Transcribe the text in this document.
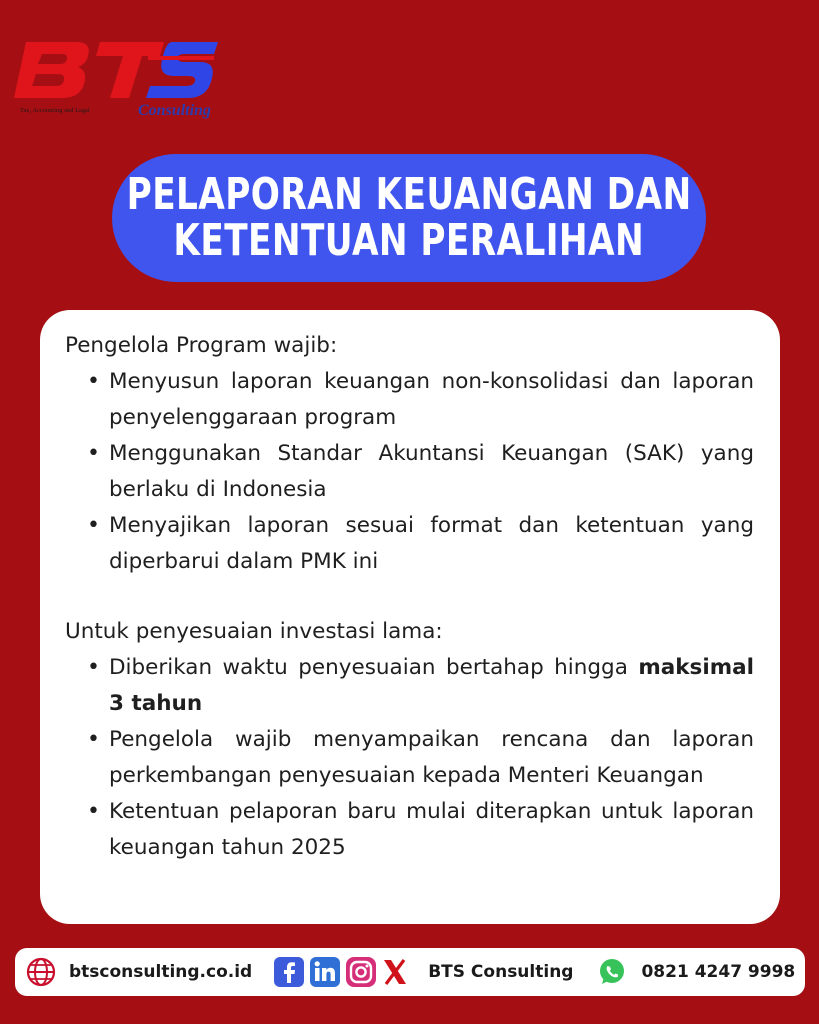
Tax, Accounting and Legal	Consulting
PELAPORAN KEUANGAN DAN
KETENTUAN PERALIHAN
Pengelola Program wajib:
• Menyusun laporan keuangan non-konsolidasi dan laporan penyelenggaraan program
• Menggunakan Standar Akuntansi Keuangan (SAK) yang berlaku di Indonesia
• Menyajikan laporan sesuai format dan ketentuan yang diperbarui dalam PMK ini
Untuk penyesuaian investasi lama:
• Diberikan waktu penyesuaian bertahap hingga maksimal 3 tahun
• Pengelola wajib menyampaikan rencana dan laporan perkembangan penyesuaian kepada Menteri Keuangan
• Ketentuan pelaporan baru mulai diterapkan untuk laporan keuangan tahun 2025
btsconsulting.co.id	BTS Consulting	0821 4247 9998
